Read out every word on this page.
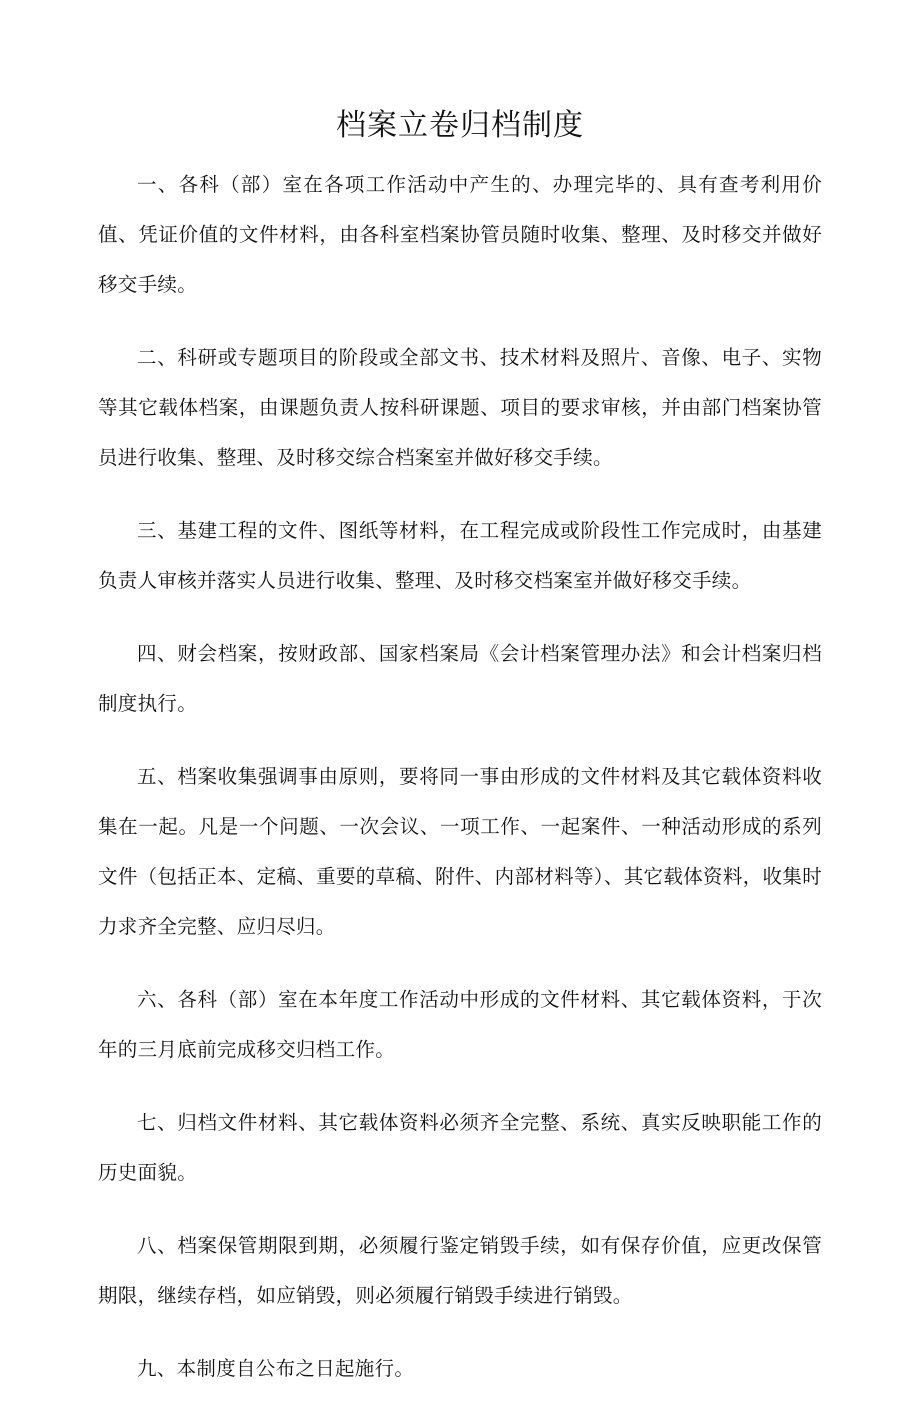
档案立卷归档制度

一、各科（部）室在各项工作活动中产生的、办理完毕的、具有查考利用价值、凭证价值的文件材料，由各科室档案协管员随时收集、整理、及时移交并做好移交手续。

二、科研或专题项目的阶段或全部文书、技术材料及照片、音像、电子、实物等其它载体档案，由课题负责人按科研课题、项目的要求审核，并由部门档案协管员进行收集、整理、及时移交综合档案室并做好移交手续。

三、基建工程的文件、图纸等材料，在工程完成或阶段性工作完成时，由基建负责人审核并落实人员进行收集、整理、及时移交档案室并做好移交手续。

四、财会档案，按财政部、国家档案局《会计档案管理办法》和会计档案归档制度执行。

五、档案收集强调事由原则，要将同一事由形成的文件材料及其它载体资料收集在一起。凡是一个问题、一次会议、一项工作、一起案件、一种活动形成的系列文件（包括正本、定稿、重要的草稿、附件、内部材料等）、其它载体资料，收集时力求齐全完整、应归尽归。

六、各科（部）室在本年度工作活动中形成的文件材料、其它载体资料，于次年的三月底前完成移交归档工作。

七、归档文件材料、其它载体资料必须齐全完整、系统、真实反映职能工作的历史面貌。

八、档案保管期限到期，必须履行鉴定销毁手续，如有保存价值，应更改保管期限，继续存档，如应销毁，则必须履行销毁手续进行销毁。

九、本制度自公布之日起施行。
